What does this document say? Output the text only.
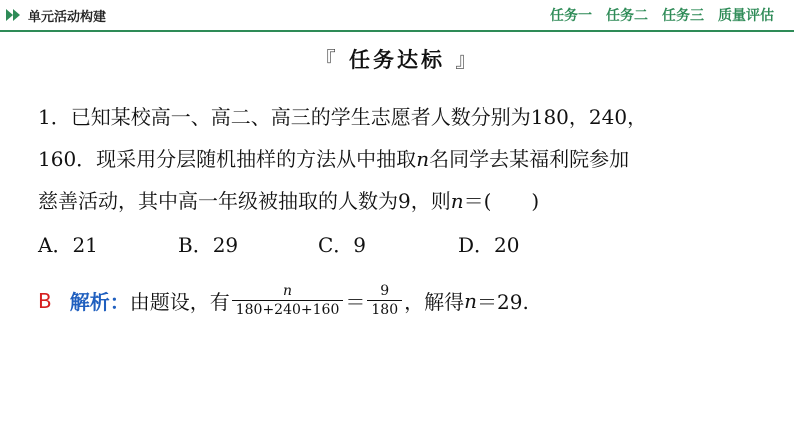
单元活动构建	任务一 任务二 任务三 质量评估
『 任务达标 』
1．已知某校高一、高二、高三的学生志愿者人数分别为180，240，
160．现采用分层随机抽样的方法从中抽取n名同学去某福利院参加
慈善活动，其中高一年级被抽取的人数为9，则n＝(　　)
A．21	B．29	C．9	D．20
B 解析： 由题设，有 $\frac{n}{180+240+160} = \frac{9}{180}$ ，解得 n ＝29.
